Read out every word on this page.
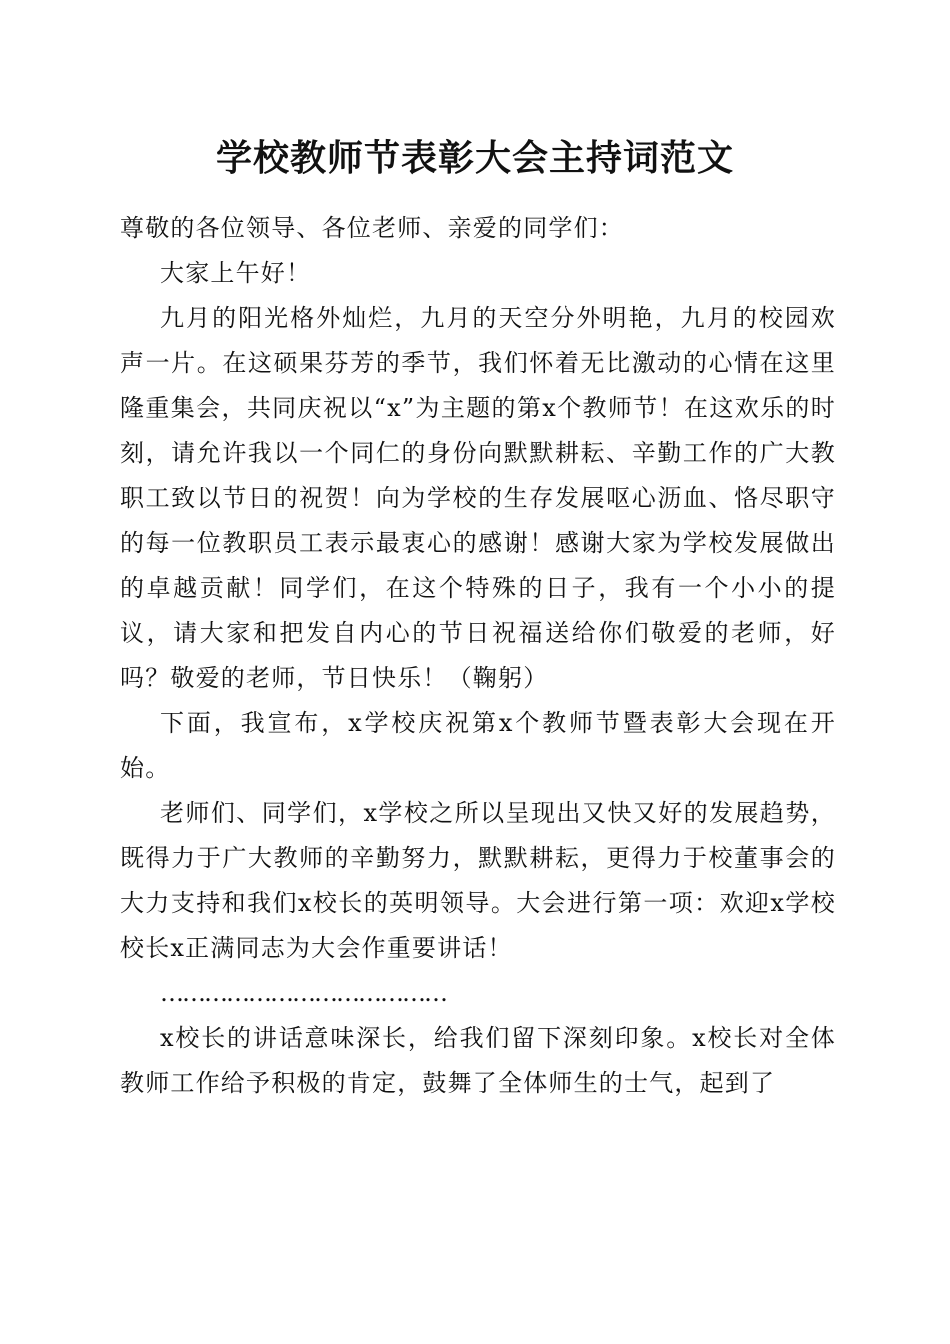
学校教师节表彰大会主持词范文

尊敬的各位领导、各位老师、亲爱的同学们：

大家上午好！

九月的阳光格外灿烂，九月的天空分外明艳，九月的校园欢声一片。在这硕果芬芳的季节，我们怀着无比激动的心情在这里隆重集会，共同庆祝以“x”为主题的第x个教师节！在这欢乐的时刻，请允许我以一个同仁的身份向默默耕耘、辛勤工作的广大教职工致以节日的祝贺！向为学校的生存发展呕心沥血、恪尽职守的每一位教职员工表示最衷心的感谢！感谢大家为学校发展做出的卓越贡献！同学们，在这个特殊的日子，我有一个小小的提议，请大家和把发自内心的节日祝福送给你们敬爱的老师，好吗？敬爱的老师，节日快乐！（鞠躬）

下面，我宣布，x学校庆祝第x个教师节暨表彰大会现在开始。

老师们、同学们，x学校之所以呈现出又快又好的发展趋势，既得力于广大教师的辛勤努力，默默耕耘，更得力于校董事会的大力支持和我们x校长的英明领导。大会进行第一项：欢迎x学校校长x正满同志为大会作重要讲话！

…………………………………

x校长的讲话意味深长，给我们留下深刻印象。x校长对全体教师工作给予积极的肯定，鼓舞了全体师生的士气，起到了
